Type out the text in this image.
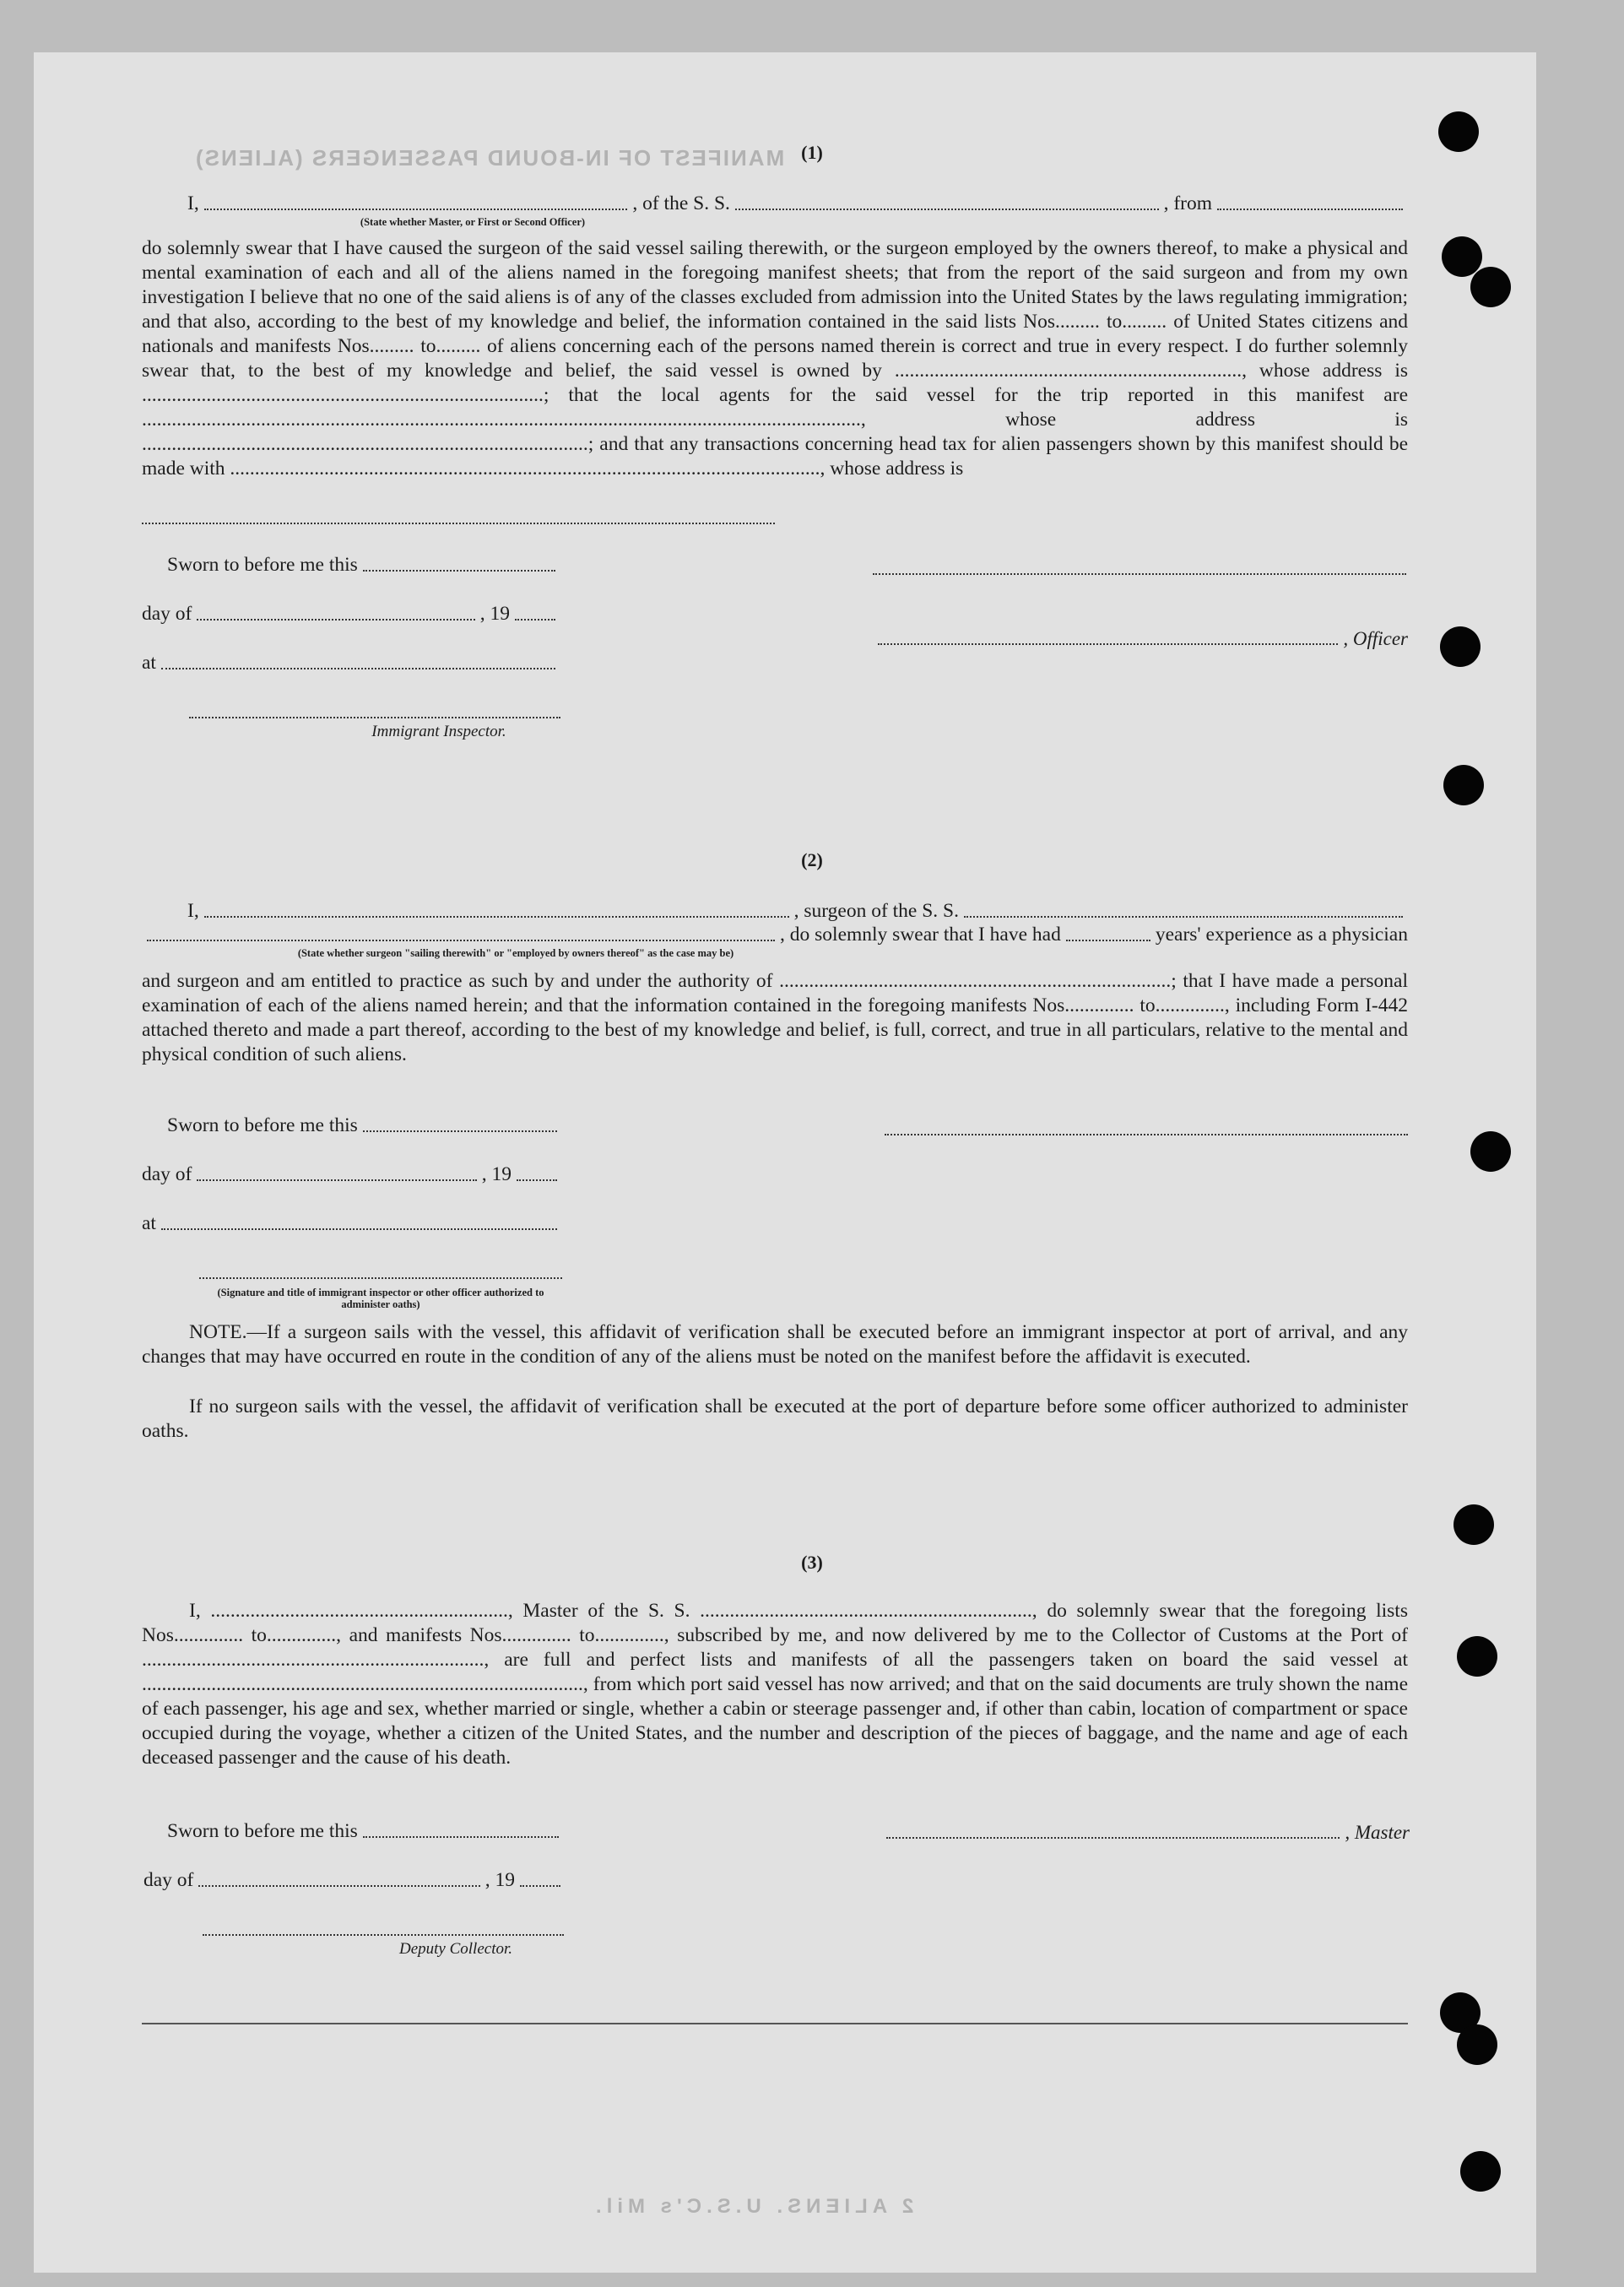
MANIFEST OF IN-BOUND PASSENGERS (ALIENS) (1)
I,	, of the S. S.	, from
(State whether Master, or First or Second Officer)
do solemnly swear that I have caused the surgeon of the said vessel sailing therewith, or the surgeon employed by the owners thereof, to make a physical and mental examination of each and all of the aliens named in the foregoing manifest sheets; that from the report of the said surgeon and from my own investigation I believe that no one of the said aliens is of any of the classes excluded from admission into the United States by the laws regulating immigration; and that also, according to the best of my knowledge and belief, the information contained in the said lists Nos......... to......... of United States citizens and nationals and manifests Nos......... to......... of aliens concerning each of the persons named therein is correct and true in every respect. I do further solemnly swear that, to the best of my knowledge and belief, the said vessel is owned by ......................................................................, whose address is .................................................................................; that the local agents for the said vessel for the trip reported in this manifest are ................................................................................................................................................., whose address is ..........................................................................................; and that any transactions concerning head tax for alien passengers shown by this manifest should be made with ......................................................................................................................., whose address is
Sworn to before me this
day of	, 19
, Officer
at
Immigrant Inspector.
(2)
I,	, surgeon of the S. S.
, do solemnly swear that I have had	years' experience as a physician
(State whether surgeon "sailing therewith" or "employed by owners thereof" as the case may be)
and surgeon and am entitled to practice as such by and under the authority of ...............................................................................; that I have made a personal examination of each of the aliens named herein; and that the information contained in the foregoing manifests Nos.............. to.............., including Form I-442 attached thereto and made a part thereof, according to the best of my knowledge and belief, is full, correct, and true in all particulars, relative to the mental and physical condition of such aliens.
Sworn to before me this
day of	, 19
at
(Signature and title of immigrant inspector or other officer authorized to administer oaths)
NOTE.—If a surgeon sails with the vessel, this affidavit of verification shall be executed before an immigrant inspector at port of arrival, and any changes that may have occurred en route in the condition of any of the aliens must be noted on the manifest before the affidavit is executed.
If no surgeon sails with the vessel, the affidavit of verification shall be executed at the port of departure before some officer authorized to administer oaths.
(3)
I, ............................................................, Master of the S. S. ..................................................................., do solemnly swear that the foregoing lists Nos.............. to.............., and manifests Nos.............. to.............., subscribed by me, and now delivered by me to the Collector of Customs at the Port of ....................................................................., are full and perfect lists and manifests of all the passengers taken on board the said vessel at ........................................................................................., from which port said vessel has now arrived; and that on the said documents are truly shown the name of each passenger, his age and sex, whether married or single, whether a cabin or steerage passenger and, if other than cabin, location of compartment or space occupied during the voyage, whether a citizen of the United States, and the number and description of the pieces of baggage, and the name and age of each deceased passenger and the cause of his death.
Sworn to before me this	, Master
day of	, 19
Deputy Collector.
2 ALIENS. U.S.C's Mil.
